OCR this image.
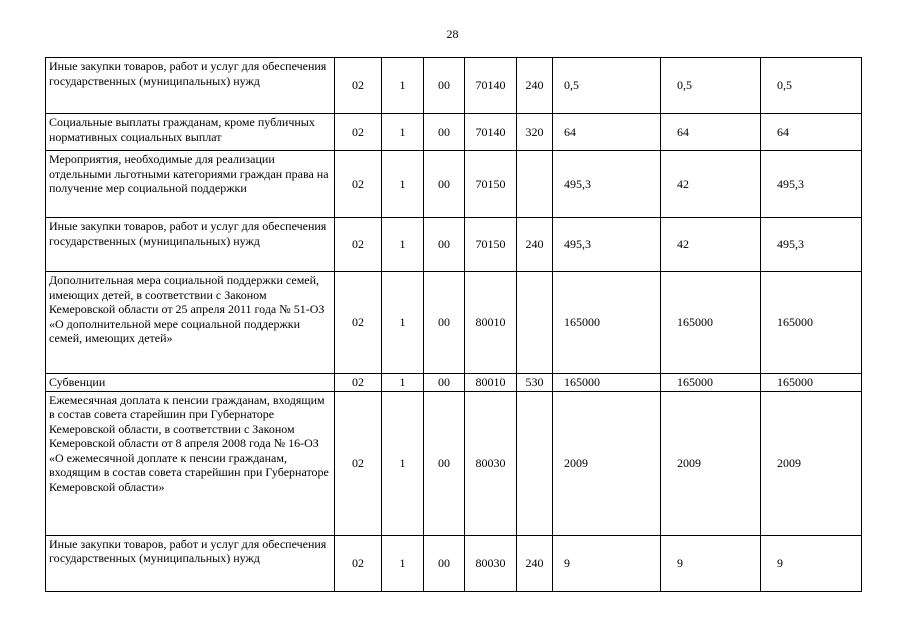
28
Иные закупки товаров, работ и услуг для обеспечения государственных (муниципальных) нужд	02	1	00	70140	240	0,5	0,5	0,5
Социальные выплаты гражданам, кроме публичных нормативных социальных выплат	02	1	00	70140	320	64	64	64
Мероприятия, необходимые для реализации отдельными льготными категориями граждан права на получение мер социальной поддержки	02	1	00	70150		495,3	42	495,3
Иные закупки товаров, работ и услуг для обеспечения государственных (муниципальных) нужд	02	1	00	70150	240	495,3	42	495,3
Дополнительная мера социальной поддержки семей, имеющих детей, в соответствии с Законом Кемеровской области от 25 апреля 2011 года № 51-ОЗ «О дополнительной мере социальной поддержки семей, имеющих детей»	02	1	00	80010		165000	165000	165000
Субвенции	02	1	00	80010	530	165000	165000	165000
Ежемесячная доплата к пенсии гражданам, входящим в состав совета старейшин при Губернаторе Кемеровской области, в соответствии с Законом Кемеровской области от 8 апреля 2008 года № 16-ОЗ «О ежемесячной доплате к пенсии гражданам, входящим в состав совета старейшин при Губернаторе Кемеровской области»	02	1	00	80030		2009	2009	2009
Иные закупки товаров, работ и услуг для обеспечения государственных (муниципальных) нужд	02	1	00	80030	240	9	9	9
